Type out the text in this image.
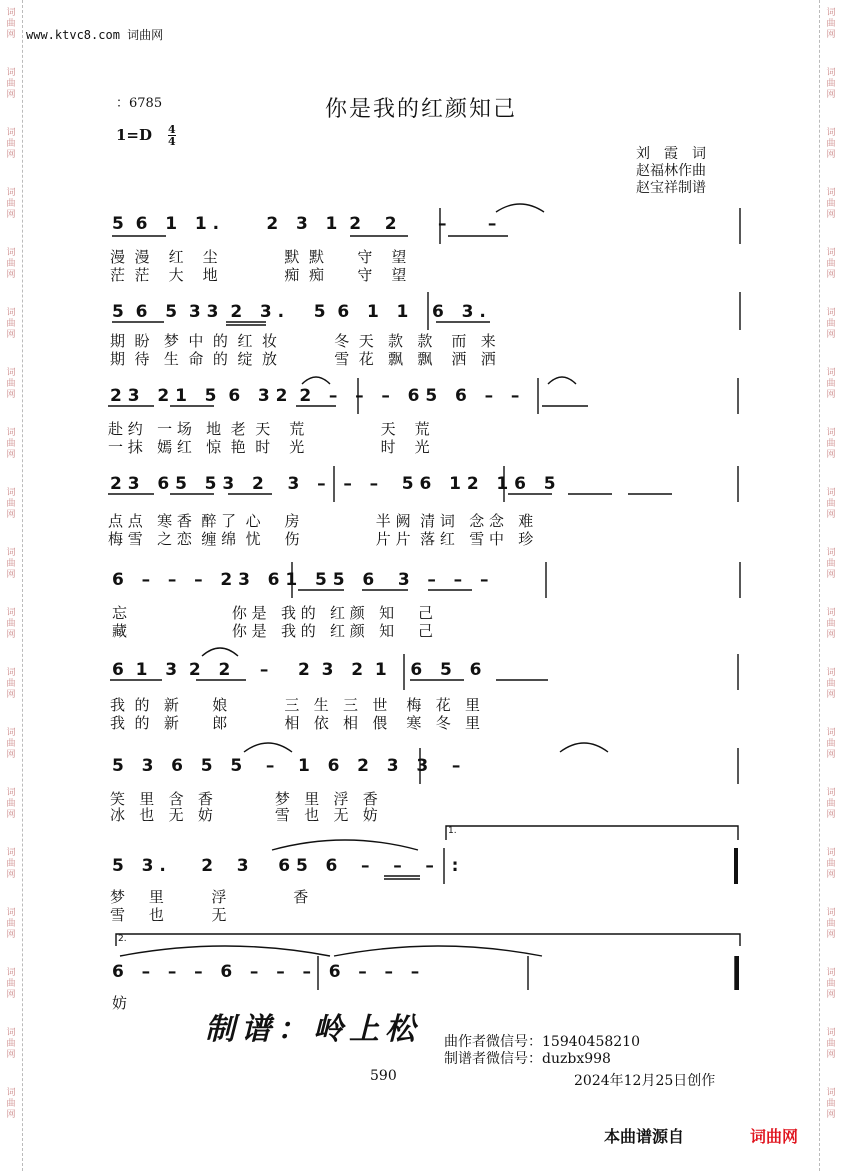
词
曲
网
词
曲
网
词
曲
网
词
曲
网
词
曲
网
词
曲
网
词
曲
网
词
曲
网
词
曲
网
词
曲
网
词
曲
网
词
曲
网
词
曲
网
词
曲
网
词
曲
网
词
曲
网
词
曲
网
词
曲
网
词
曲
网
词
曲
网
词
曲
网
词
曲
网
词
曲
网
词
曲
网
词
曲
网
词
曲
网
词
曲
网
词
曲
网
词
曲
网
词
曲
网
词
曲
网
词
曲
网
词
曲
网
词
曲
网
词
曲
网
词
曲
网
词
曲
网
词
曲
网
www.ktvc8.com 词曲网
：6785	你是我的红颜知己
1=D 4
4
刘　霞　词
赵福林作曲
赵宝祥制谱
5  6   1   1 .        2   3   1  2    2       –       –
漫  漫    红    尘              默  默       守    望
茫  茫    大    地              痴  痴       守    望
5  6   5  3 3  2   3 .     5  6   1   1    6   3 .
期  盼   梦  中  的  红  妆            冬  天   款   款    而   来
期  待   生  命  的  绽  放            雪  花   飘   飘    洒   洒
2 3   2 1   5  6   3 2  2   –   –   –   6 5   6   –   –
赴 约   一 场   地  老  天    荒                天    荒
一 抹   嫣 红   惊  艳  时    光                时    光
2 3   6 5   5 3   2    3   –   –   –    5 6   1 2   1 6   5
点 点   寒 香  醉 了  心     房                半 阙  清 词   念 念   难
梅 雪   之 恋  缠 绵  忧     伤                片 片  落 红   雪 中   珍
6   –   –   –   2 3   6 1   5 5   6    3   –   –   –
忘                      你 是   我 的   红 颜   知     己
藏                      你 是   我 的   红 颜   知     己
6  1   3  2   2     –     2  3   2  1    6   5   6
我  的   新       娘            三   生   三   世    梅   花   里
我  的   新       郎            相   依   相   偎    寒   冬   里
5   3   6   5   5    –    1   6   2   3   3    –
笑   里   含   香             梦   里   浮   香
冰   也   无   妨             雪   也   无   妨
1.
5   3 .      2    3     6 5   6    –    –    –   :
梦     里          浮              香
雪     也          无
2.
6   –   –   –   6   –   –   –   6   –   –   –
妨
制谱：岭上松 曲作者微信号：15940458210
制谱者微信号：duzbx998
590	2024年12月25日创作
本曲谱源自	词曲网
